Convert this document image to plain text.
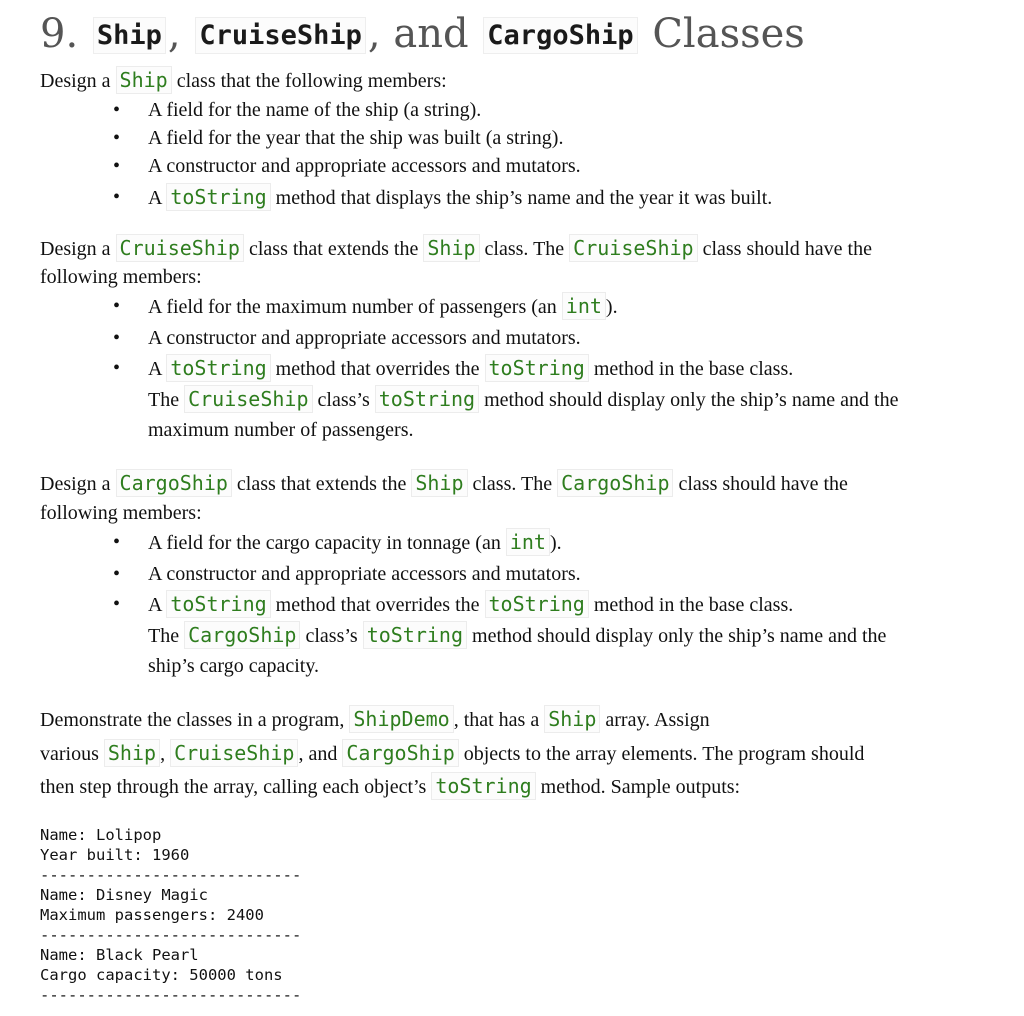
9. Ship , CruiseShip , and CargoShip Classes
Design a Ship class that the following members:
• A field for the name of the ship (a string).
• A field for the year that the ship was built (a string).
• A constructor and appropriate accessors and mutators.
• A toString method that displays the ship’s name and the year it was built.
Design a CruiseShip class that extends the Ship class. The CruiseShip class should have the
following members:
• A field for the maximum number of passengers (an int ).
• A constructor and appropriate accessors and mutators.
• A toString method that overrides the toString method in the base class.
The CruiseShip class’s toString method should display only the ship’s name and the
maximum number of passengers.
Design a CargoShip class that extends the Ship class. The CargoShip class should have the
following members:
• A field for the cargo capacity in tonnage (an int ).
• A constructor and appropriate accessors and mutators.
• A toString method that overrides the toString method in the base class.
The CargoShip class’s toString method should display only the ship’s name and the
ship’s cargo capacity.
Demonstrate the classes in a program, ShipDemo , that has a Ship array. Assign
various Ship , CruiseShip , and CargoShip objects to the array elements. The program should
then step through the array, calling each object’s toString method. Sample outputs:
Name: Lolipop
Year built: 1960
----------------------------
Name: Disney Magic
Maximum passengers: 2400
----------------------------
Name: Black Pearl
Cargo capacity: 50000 tons
----------------------------
